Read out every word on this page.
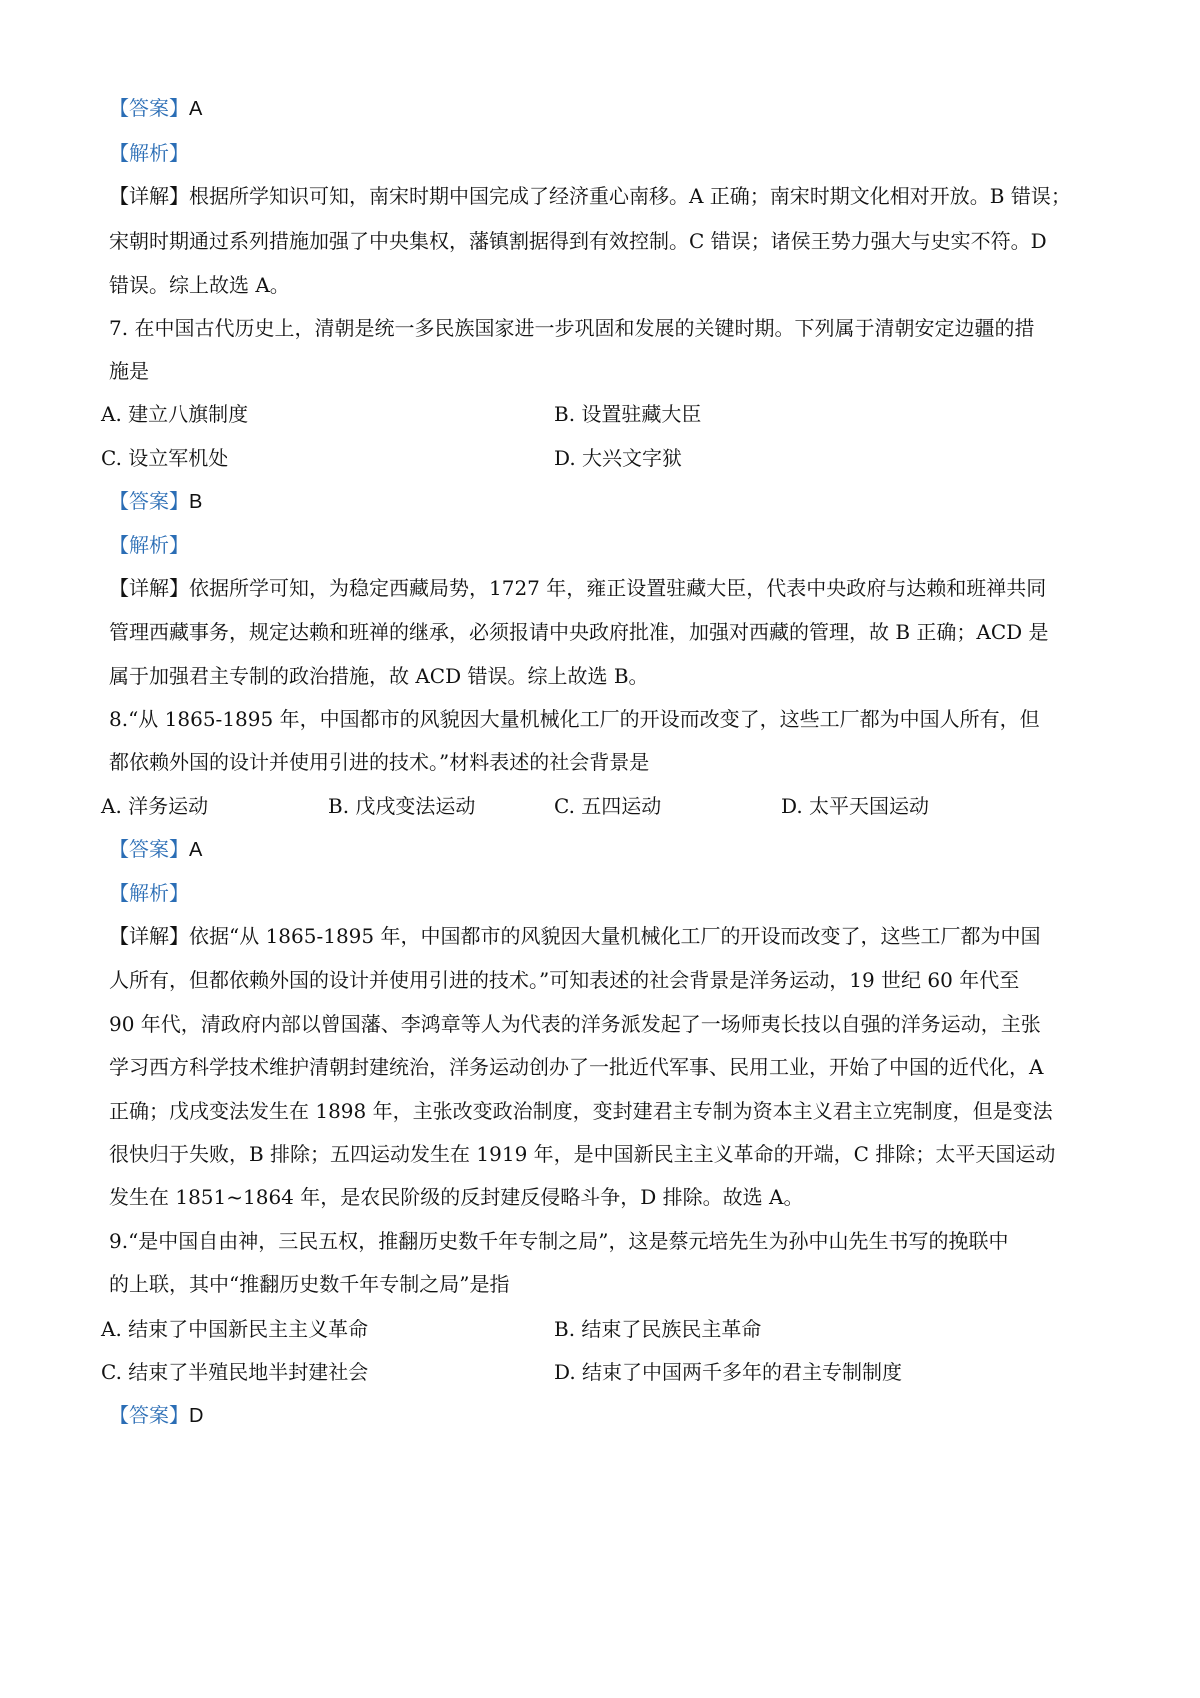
【答案】A
【解析】
【详解】根据所学知识可知，南宋时期中国完成了经济重心南移。A 正确；南宋时期文化相对开放。B 错误；
宋朝时期通过系列措施加强了中央集权，藩镇割据得到有效控制。C 错误；诸侯王势力强大与史实不符。D
错误。综上故选 A。
7. 在中国古代历史上，清朝是统一多民族国家进一步巩固和发展的关键时期。下列属于清朝安定边疆的措
施是
A. 建立八旗制度	B. 设置驻藏大臣
C. 设立军机处	D. 大兴文字狱
【答案】B
【解析】
【详解】依据所学可知，为稳定西藏局势，1727 年，雍正设置驻藏大臣，代表中央政府与达赖和班禅共同
管理西藏事务，规定达赖和班禅的继承，必须报请中央政府批准，加强对西藏的管理，故 B 正确；ACD 是
属于加强君主专制的政治措施，故 ACD 错误。综上故选 B。
8.“从 1865-1895 年，中国都市的风貌因大量机械化工厂的开设而改变了，这些工厂都为中国人所有，但
都依赖外国的设计并使用引进的技术。”材料表述的社会背景是
A. 洋务运动	B. 戊戌变法运动	C. 五四运动	D. 太平天国运动
【答案】A
【解析】
【详解】依据“从 1865-1895 年，中国都市的风貌因大量机械化工厂的开设而改变了，这些工厂都为中国
人所有，但都依赖外国的设计并使用引进的技术。”可知表述的社会背景是洋务运动，19 世纪 60 年代至
90 年代，清政府内部以曾国藩、李鸿章等人为代表的洋务派发起了一场师夷长技以自强的洋务运动，主张
学习西方科学技术维护清朝封建统治，洋务运动创办了一批近代军事、民用工业，开始了中国的近代化，A
正确；戊戌变法发生在 1898 年，主张改变政治制度，变封建君主专制为资本主义君主立宪制度，但是变法
很快归于失败，B 排除；五四运动发生在 1919 年，是中国新民主主义革命的开端，C 排除；太平天国运动
发生在 1851~1864 年，是农民阶级的反封建反侵略斗争，D 排除。故选 A。
9.“是中国自由神，三民五权，推翻历史数千年专制之局”，这是蔡元培先生为孙中山先生书写的挽联中
的上联，其中“推翻历史数千年专制之局”是指
A. 结束了中国新民主主义革命	B. 结束了民族民主革命
C. 结束了半殖民地半封建社会	D. 结束了中国两千多年的君主专制制度
【答案】D
